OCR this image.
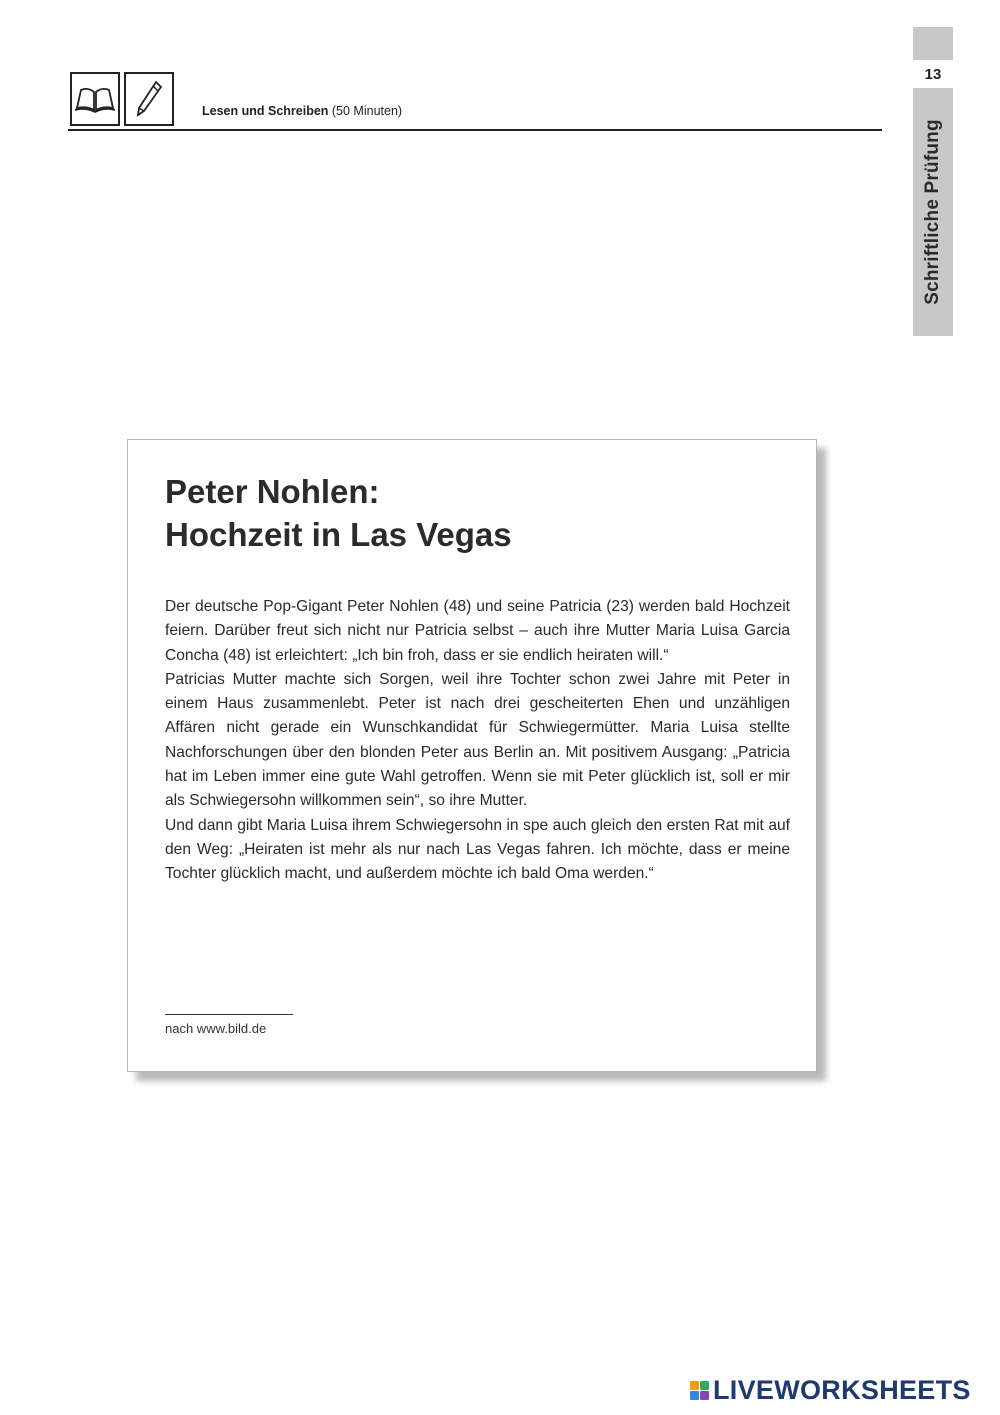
Lesen und Schreiben (50 Minuten)
13
Schriftliche Prüfung
Peter Nohlen:
Hochzeit in Las Vegas

Der deutsche Pop-Gigant Peter Nohlen (48) und seine Patricia (23) werden bald Hochzeit feiern. Darüber freut sich nicht nur Patricia selbst – auch ihre Mutter Maria Luisa Garcia Concha (48) ist erleichtert: „Ich bin froh, dass er sie endlich heiraten will.“

Patricias Mutter machte sich Sorgen, weil ihre Tochter schon zwei Jahre mit Peter in einem Haus zusammenlebt. Peter ist nach drei gescheiterten Ehen und unzähligen Affären nicht gerade ein Wunschkandidat für Schwiegermütter. Maria Luisa stellte Nachforschungen über den blonden Peter aus Berlin an. Mit positivem Ausgang: „Patricia hat im Leben immer eine gute Wahl getroffen. Wenn sie mit Peter glücklich ist, soll er mir als Schwiegersohn willkommen sein“, so ihre Mutter.

Und dann gibt Maria Luisa ihrem Schwiegersohn in spe auch gleich den ersten Rat mit auf den Weg: „Heiraten ist mehr als nur nach Las Vegas fahren. Ich möchte, dass er meine Tochter glücklich macht, und außerdem möchte ich bald Oma werden.“

nach www.bild.de
LIVEWORKSHEETS
